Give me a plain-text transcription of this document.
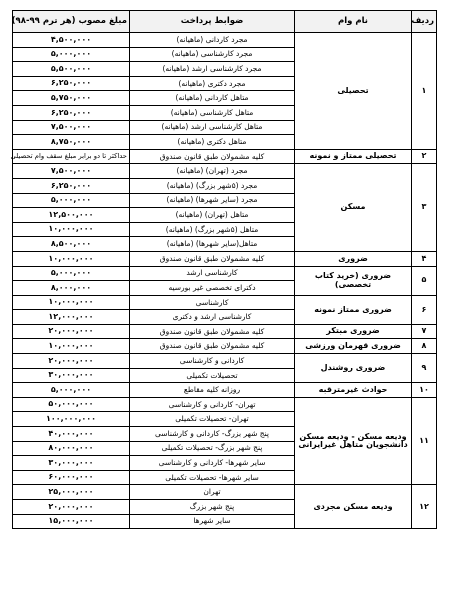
ردیف	نام وام	ضوابط پرداخت	مبلغ مصوب (هر ترم ۹۹-۹۸)
۱	تحصیلی	مجرد کاردانی (ماهیانه)	۴,۵۰۰,۰۰۰
		مجرد کارشناسی (ماهیانه)	۵,۰۰۰,۰۰۰
		مجرد کارشناسی ارشد (ماهیانه)	۵,۵۰۰,۰۰۰
		مجرد دکتری (ماهیانه)	۶,۲۵۰,۰۰۰
		متاهل کاردانی (ماهیانه)	۵,۷۵۰,۰۰۰
		متاهل کارشناسی (ماهیانه)	۶,۲۵۰,۰۰۰
		متاهل کارشناسی ارشد (ماهیانه)	۷,۵۰۰,۰۰۰
		متاهل دکتری (ماهیانه)	۸,۷۵۰,۰۰۰
۲	تحصیلی ممتاز و نمونه	کلیه مشمولان طبق قانون صندوق	حداکثر تا دو برابر مبلغ سقف وام تحصیلی
۳	مسکن	مجرد (تهران) (ماهیانه)	۷,۵۰۰,۰۰۰
		مجرد (۵شهر بزرگ) (ماهیانه)	۶,۲۵۰,۰۰۰
		مجرد (سایر شهرها) (ماهیانه)	۵,۰۰۰,۰۰۰
		متاهل (تهران) (ماهیانه)	۱۲,۵۰۰,۰۰۰
		متاهل (۵شهر بزرگ) (ماهیانه)	۱۰,۰۰۰,۰۰۰
		متاهل(سایر شهرها) (ماهیانه)	۸,۵۰۰,۰۰۰
۴	ضروری	کلیه مشمولان طبق قانون صندوق	۱۰,۰۰۰,۰۰۰
۵	ضروری (خرید کتاب تخصصی)	کارشناسی ارشد	۵,۰۰۰,۰۰۰
		دکترای تخصصی غیر بورسیه	۸,۰۰۰,۰۰۰
۶	ضروری ممتاز نمونه	کارشناسی	۱۰,۰۰۰,۰۰۰
		کارشناسی ارشد و دکتری	۱۲,۰۰۰,۰۰۰
۷	ضروری مبتکر	کلیه مشمولان طبق قانون صندوق	۲۰,۰۰۰,۰۰۰
۸	ضروری قهرمان ورزشی	کلیه مشمولان طبق قانون صندوق	۱۰,۰۰۰,۰۰۰
۹	ضروری روشندل	کاردانی و کارشناسی	۲۰,۰۰۰,۰۰۰
		تحصیلات تکمیلی	۳۰,۰۰۰,۰۰۰
۱۰	حوادث غیرمترقبه	روزانه کلیه مقاطع	۵,۰۰۰,۰۰۰
۱۱	ودیعه مسکن - ودیعه مسکن دانشجویان متاهل غیرایرانی	تهران- کاردانی و کارشناسی	۵۰,۰۰۰,۰۰۰
		تهران- تحصیلات تکمیلی	۱۰۰,۰۰۰,۰۰۰
		پنج شهر بزرگ- کاردانی و کارشناسی	۴۰,۰۰۰,۰۰۰
		پنج شهر بزرگ- تحصیلات تکمیلی	۸۰,۰۰۰,۰۰۰
		سایر شهرها- کاردانی و کارشناسی	۳۰,۰۰۰,۰۰۰
		سایر شهرها- تحصیلات تکمیلی	۶۰,۰۰۰,۰۰۰
۱۲	ودیعه مسکن مجردی	تهران	۲۵,۰۰۰,۰۰۰
		پنج شهر بزرگ	۲۰,۰۰۰,۰۰۰
		سایر شهرها	۱۵,۰۰۰,۰۰۰
